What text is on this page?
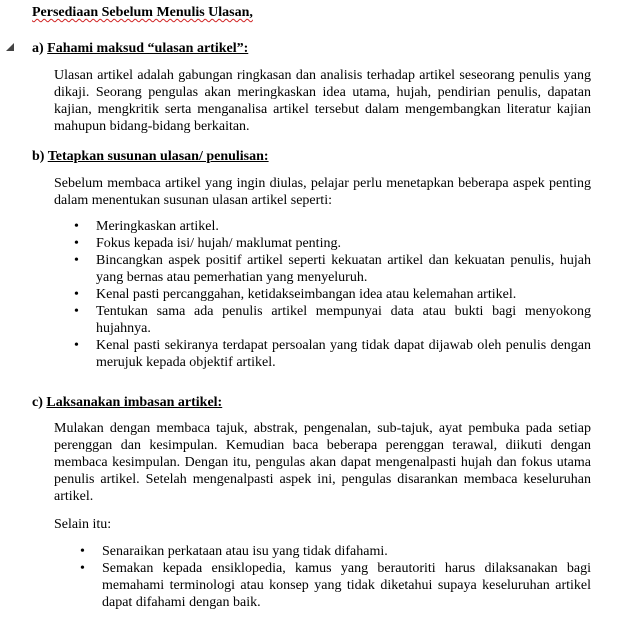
Persediaan Sebelum Menulis Ulasan,
a) Fahami maksud “ulasan artikel”:
Ulasan artikel adalah gabungan ringkasan dan analisis terhadap artikel seseorang penulis yang dikaji. Seorang pengulas akan meringkaskan idea utama, hujah, pendirian penulis, dapatan kajian, mengkritik serta menganalisa artikel tersebut dalam mengembangkan literatur kajian mahupun bidang-bidang berkaitan.
b) Tetapkan susunan ulasan/ penulisan:
Sebelum membaca artikel yang ingin diulas, pelajar perlu menetapkan beberapa aspek penting dalam menentukan susunan ulasan artikel seperti:
• Meringkaskan artikel.
• Fokus kepada isi/ hujah/ maklumat penting.
• Bincangkan aspek positif artikel seperti kekuatan artikel dan kekuatan penulis, hujah yang bernas atau pemerhatian yang menyeluruh.
• Kenal pasti percanggahan, ketidakseimbangan idea atau kelemahan artikel.
• Tentukan sama ada penulis artikel mempunyai data atau bukti bagi menyokong hujahnya.
• Kenal pasti sekiranya terdapat persoalan yang tidak dapat dijawab oleh penulis dengan merujuk kepada objektif artikel.
c) Laksanakan imbasan artikel:
Mulakan dengan membaca tajuk, abstrak, pengenalan, sub-tajuk, ayat pembuka pada setiap perenggan dan kesimpulan. Kemudian baca beberapa perenggan terawal, diikuti dengan membaca kesimpulan. Dengan itu, pengulas akan dapat mengenalpasti hujah dan fokus utama penulis artikel. Setelah mengenalpasti aspek ini, pengulas disarankan membaca keseluruhan artikel.
Selain itu:
• Senaraikan perkataan atau isu yang tidak difahami.
• Semakan kepada ensiklopedia, kamus yang berautoriti harus dilaksanakan bagi memahami terminologi atau konsep yang tidak diketahui supaya keseluruhan artikel dapat difahami dengan baik.
